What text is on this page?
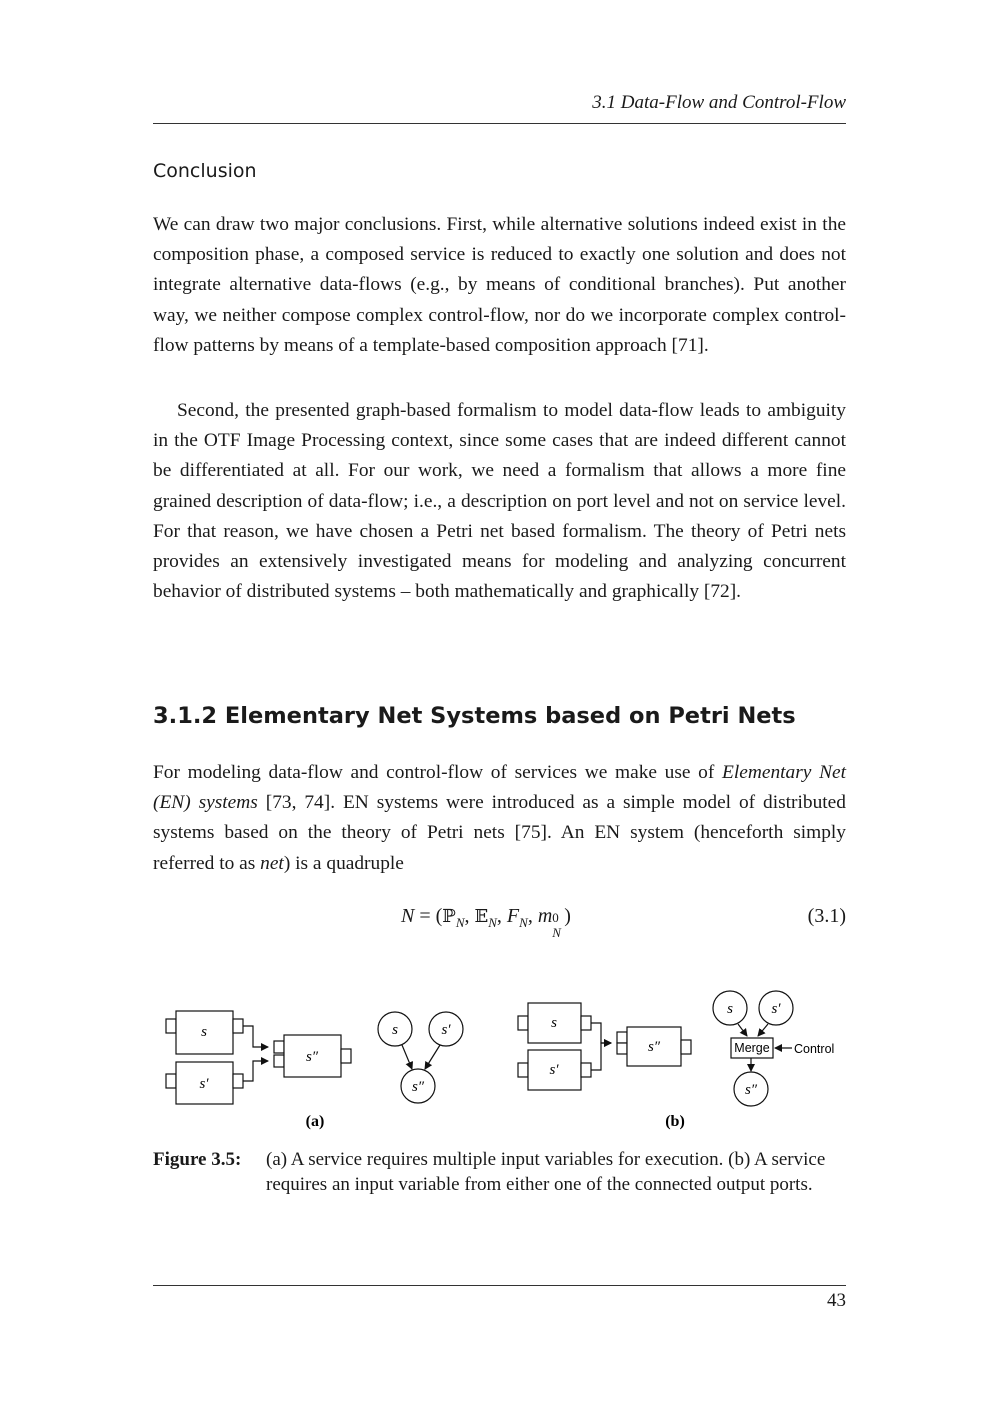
3.1 Data-Flow and Control-Flow
Conclusion

We can draw two major conclusions. First, while alternative solutions indeed exist in the composition phase, a composed service is reduced to exactly one solution and does not integrate alternative data-flows (e.g., by means of conditional branches). Put another way, we neither compose complex control-flow, nor do we incorporate complex control-flow patterns by means of a template-based composition approach [71].

Second, the presented graph-based formalism to model data-flow leads to ambiguity in the OTF Image Processing context, since some cases that are indeed different cannot be differentiated at all. For our work, we need a formalism that allows a more fine grained description of data-flow; i.e., a description on port level and not on service level. For that reason, we have chosen a Petri net based formalism. The theory of Petri nets provides an extensively investigated means for modeling and analyzing concurrent behavior of distributed systems – both mathematically and graphically [72].

3.1.2 Elementary Net Systems based on Petri Nets

For modeling data-flow and control-flow of services we make use of Elementary Net (EN) systems [73, 74]. EN systems were introduced as a simple model of distributed systems based on the theory of Petri nets [75]. An EN system (henceforth simply referred to as net) is a quadruple

N = (ℙ$_N$, 𝔼$_N$, $F_N$, m 0
N
)	(3.1)
s
s′
s″
s	s′
s″
(a)
s
s′
s″
s	s′
Merge Control
s″
(b)
Figure 3.5: (a) A service requires multiple input variables for execution. (b) A service requires an input variable from either one of the connected output ports.
43
